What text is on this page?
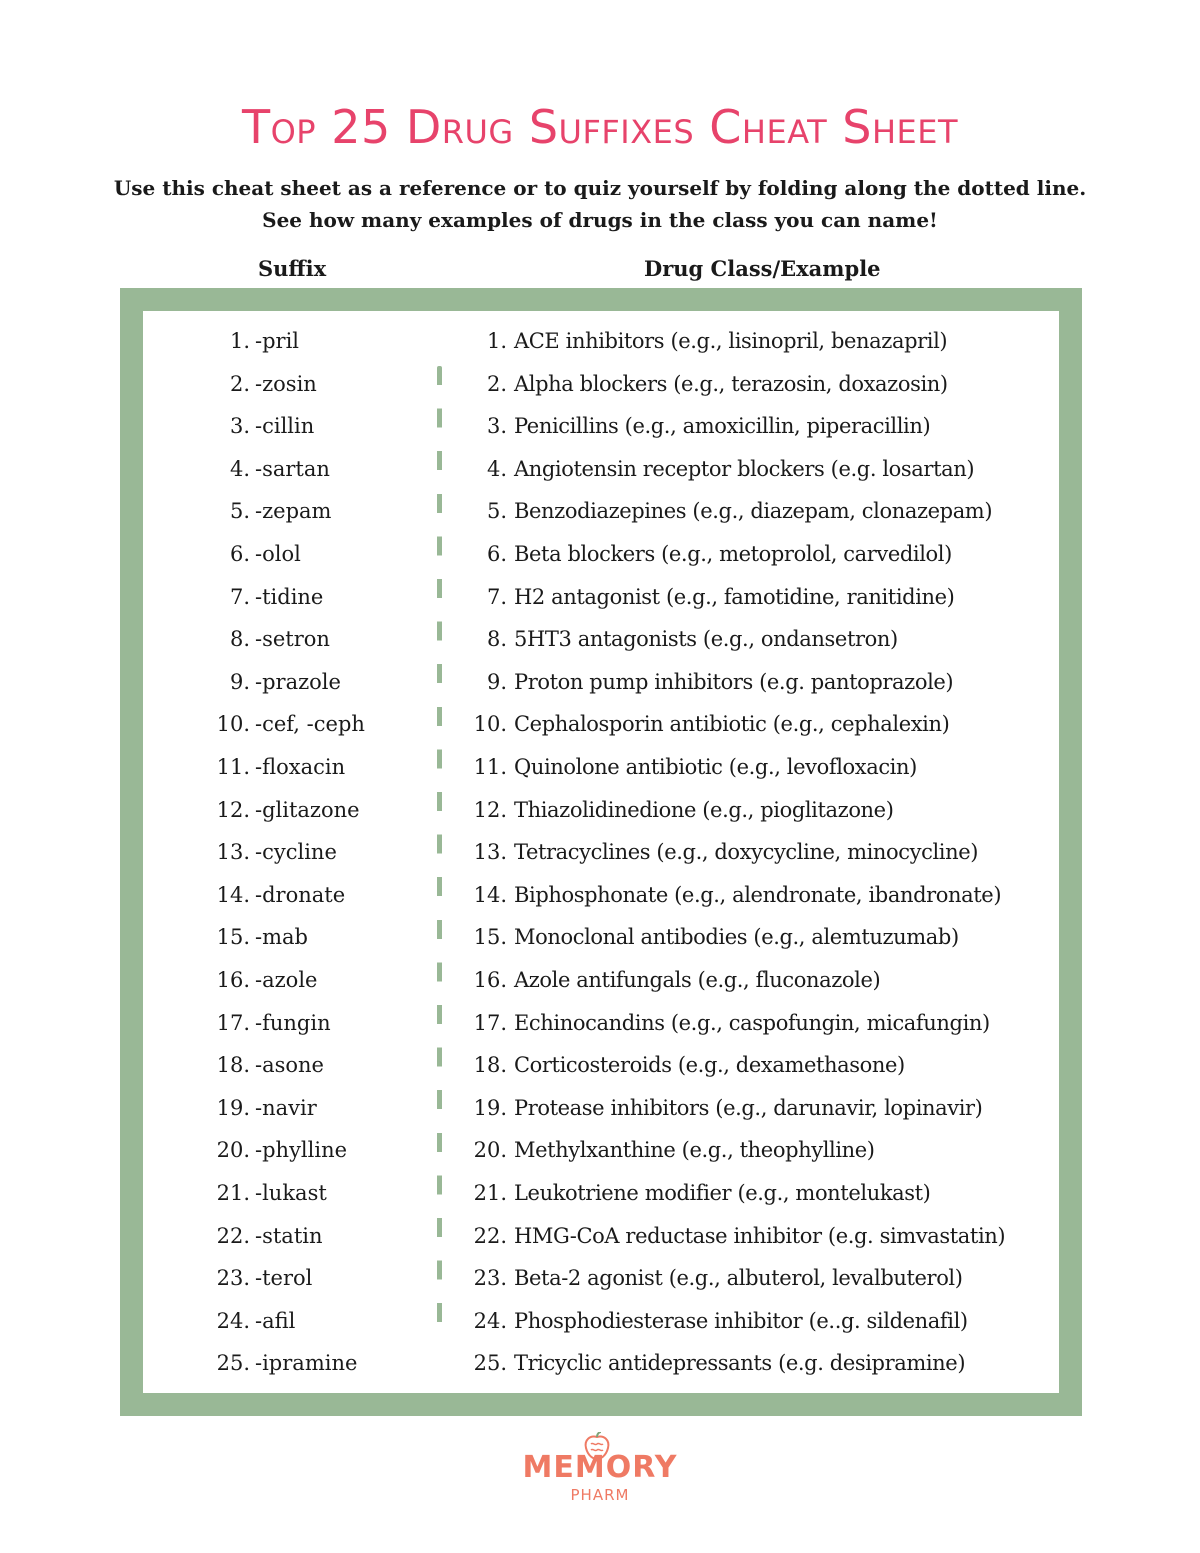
Top 25 Drug Suffixes Cheat Sheet
Use this cheat sheet as a reference or to quiz yourself by folding along the dotted line. See how many examples of drugs in the class you can name!
Suffix	Drug Class/Example
1. -pril	1. ACE inhibitors (e.g., lisinopril, benazapril)
2. -zosin	2. Alpha blockers (e.g., terazosin, doxazosin)
3. -cillin	3. Penicillins (e.g., amoxicillin, piperacillin)
4. -sartan	4. Angiotensin receptor blockers (e.g. losartan)
5. -zepam	5. Benzodiazepines (e.g., diazepam, clonazepam)
6. -olol	6. Beta blockers (e.g., metoprolol, carvedilol)
7. -tidine	7. H2 antagonist (e.g., famotidine, ranitidine)
8. -setron	8. 5HT3 antagonists (e.g., ondansetron)
9. -prazole	9. Proton pump inhibitors (e.g. pantoprazole)
10. -cef, -ceph	10. Cephalosporin antibiotic (e.g., cephalexin)
11. -floxacin	11. Quinolone antibiotic (e.g., levofloxacin)
12. -glitazone	12. Thiazolidinedione (e.g., pioglitazone)
13. -cycline	13. Tetracyclines (e.g., doxycycline, minocycline)
14. -dronate	14. Biphosphonate (e.g., alendronate, ibandronate)
15. -mab	15. Monoclonal antibodies (e.g., alemtuzumab)
16. -azole	16. Azole antifungals (e.g., fluconazole)
17. -fungin	17. Echinocandins (e.g., caspofungin, micafungin)
18. -asone	18. Corticosteroids (e.g., dexamethasone)
19. -navir	19. Protease inhibitors (e.g., darunavir, lopinavir)
20. -phylline	20. Methylxanthine (e.g., theophylline)
21. -lukast	21. Leukotriene modifier (e.g., montelukast)
22. -statin	22. HMG-CoA reductase inhibitor (e.g. simvastatin)
23. -terol	23. Beta-2 agonist (e.g., albuterol, levalbuterol)
24. -afil	24. Phosphodiesterase inhibitor (e..g. sildenafil)
25. -ipramine	25. Tricyclic antidepressants (e.g. desipramine)
MEMORY
PHARM
